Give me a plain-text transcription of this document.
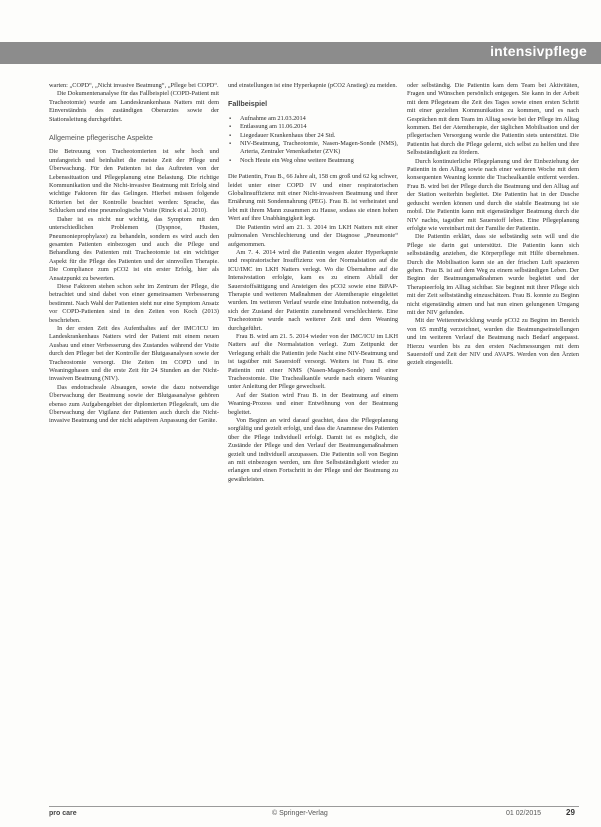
intensivpflege

warten: „COPD“, „Nicht invasive Beatmung“, „Pflege bei COPD“.

Die Dokumentenanalyse für das Fallbeispiel (COPD-Patient mit Tracheotomie) wurde am Landeskrankenhaus Natters mit dem Einverständnis des zuständigen Oberarztes sowie der Stationsleitung durchgeführt.

Allgemeine pflegerische Aspekte

Die Betreuung von Tracheotomierten ist sehr hoch und umfangreich und beinhaltet die meiste Zeit der Pflege und Überwachung. Für den Patienten ist das Auftreten von der Lebenssituation und Pflegeplanung eine Belastung. Die richtige Kommunikation und die Nicht-invasive Beatmung mit Erfolg sind wichtige Faktoren für das Gelingen. Hierbei müssen folgende Kriterien bei der Kontrolle beachtet werden: Sprache, das Schlucken und eine pneumologische Visite (Rinck et al. 2010).

Daher ist es nicht nur wichtig, das Symptom mit den unterschiedlichen Problemen (Dyspnoe, Husten, Pneumonieprophylaxe) zu behandeln, sondern es wird auch den gesamten Patienten einbezogen und auch die Pflege und Behandlung des Patienten mit Tracheotomie ist ein wichtiger Aspekt für die Pflege des Patienten und der sinnvollen Therapie. Die Compliance zum pCO2 ist ein erster Erfolg, hier als Ansatzpunkt zu bewerten.

Diese Faktoren stehen schon sehr im Zentrum der Pflege, die betrachtet und sind dabei von einer gemeinsamen Verbesserung bestimmt. Nach Wahl der Patienten steht nur eine Symptom Ansatz vor COPD-Patienten sind in den Zeiten von Koch (2013) beschrieben.

In der ersten Zeit des Aufenthaltes auf der IMC/ICU im Landeskrankenhaus Natters wird der Patient mit einem neuen Ausbau und einer Verbesserung des Zustandes während der Visite durch den Pfleger bei der Kontrolle der Blutgasanalysen sowie der Tracheostomie versorgt. Die Zeiten im COPD und in Weaningphasen und die erste Zeit für 24 Stunden an der Nicht-invasiven Beatmung (NIV).

Das endotracheale Absaugen, sowie die dazu notwendige Überwachung der Beatmung sowie der Blutgasanalyse gehören ebenso zum Aufgabengebiet der diplomierten Pflegekraft, um die Überwachung der Vigilanz der Patienten auch durch die Nicht-invasive Beatmung und der nicht adaptiven Anpassung der Geräte.

und einstellungen ist eine Hyperkapnie (pCO2 Anstieg) zu meiden.

Fallbeispiel
▪ Aufnahme am 21.03.2014
▪ Entlassung am 11.06.2014
▪ Liegedauer Krankenhaus über 24 Std.
▪ NIV-Beatmung, Tracheotomie, Nasen-Magen-Sonde (NMS), Arteria, Zentraler Venenkatheter (ZVK)
▪ Noch Heute ein Weg ohne weitere Beatmung

Die Patientin, Frau B., 66 Jahre alt, 158 cm groß und 62 kg schwer, leidet unter einer COPD IV und einer respiratorischen Globalinsuffizienz mit einer Nicht-invasiven Beatmung und ihrer Ernährung mit Sondennahrung (PEG). Frau B. ist verheiratet und lebt mit ihrem Mann zusammen zu Hause, sodass sie einen hohen Wert auf ihre Unabhängigkeit legt.

Die Patientin wird am 21. 3. 2014 im LKH Natters mit einer pulmonalen Verschlechterung und der Diagnose „Pneumonie“ aufgenommen.

Am 7. 4. 2014 wird die Patientin wegen akuter Hyperkapnie und respiratorischer Insuffizienz von der Normalstation auf die ICU/IMC im LKH Natters verlegt. Wo die Übernahme auf die Intensivstation erfolgte, kam es zu einem Abfall der Sauerstoffsättigung und Ansteigen des pCO2 sowie eine BiPAP-Therapie und weiteren Maßnahmen der Atemtherapie eingeleitet wurden. Im weiteren Verlauf wurde eine Intubation notwendig, da sich der Zustand der Patientin zunehmend verschlechterte. Eine Tracheotomie wurde nach weiterer Zeit und dem Weaning durchgeführt.

Frau B. wird am 21. 5. 2014 wieder von der IMC/ICU im LKH Natters auf die Normalstation verlegt. Zum Zeitpunkt der Verlegung erhält die Patientin jede Nacht eine NIV-Beatmung und ist tagsüber mit Sauerstoff versorgt. Weiters ist Frau B. eine Patientin mit einer NMS (Nasen-Magen-Sonde) und einer Tracheostomie. Die Trachealkanüle wurde nach einem Weaning unter Anleitung der Pflege gewechselt.

Auf der Station wird Frau B. in der Beatmung auf einem Weaning-Prozess und einer Entwöhnung von der Beatmung begleitet.

Von Beginn an wird darauf geachtet, dass die Pflegeplanung sorgfältig und gezielt erfolgt, und dass die Anamnese des Patienten über die Pflege individuell erfolgt. Damit ist es möglich, die Zustände der Pflege und den Verlauf der Beatmungsmaßnahmen gezielt und individuell anzupassen. Die Patientin soll von Beginn an mit einbezogen werden, um ihre Selbstständigkeit wieder zu erlangen und einen Fortschritt in der Pflege und der Beatmung zu gewährleisten.

oder selbständig. Die Patientin kam dem Team bei Aktivitäten, Fragen und Wünschen persönlich entgegen. Sie kann in der Arbeit mit dem Pflegeteam die Zeit des Tages sowie einen ersten Schritt mit einer gezielten Kommunikation zu kommen, und es nach Gesprächen mit dem Team im Alltag sowie bei der Pflege im Alltag kommen. Bei der Atemtherapie, der täglichen Mobilisation und der pflegerischen Versorgung wurde die Patientin stets unterstützt. Die Patientin hat durch die Pflege gelernt, sich selbst zu helfen und ihre Selbstständigkeit zu fördern.

Durch kontinuierliche Pflegeplanung und der Einbeziehung der Patientin in den Alltag sowie nach einer weiteren Woche mit dem konsequenten Weaning konnte die Trachealkanüle entfernt werden. Frau B. wird bei der Pflege durch die Beatmung und den Alltag auf der Station weiterhin begleitet. Die Patientin hat in der Dusche geduscht werden können und durch die stabile Beatmung ist sie mobil. Die Patientin kann mit eigenständiger Beatmung durch die NIV nachts, tagsüber mit Sauerstoff leben. Eine Pflegeplanung erfolgte wie vereinbart mit der Familie der Patientin.

Die Patientin erklärt, dass sie selbständig sein will und die Pflege sie darin gut unterstützt. Die Patientin kann sich selbstständig anziehen, die Körperpflege mit Hilfe übernehmen. Durch die Mobilisation kann sie an der frischen Luft spazieren gehen. Frau B. ist auf dem Weg zu einem selbständigen Leben. Der Beginn der Beatmungsmaßnahmen wurde begleitet und der Therapieerfolg im Alltag sichtbar. Sie beginnt mit ihrer Pflege sich mit der Zeit selbstständig einzuschätzen. Frau B. konnte zu Beginn nicht eigenständig atmen und hat nun einen gelungenen Umgang mit der NIV gefunden.

Mit der Weiterentwicklung wurde pCO2 zu Beginn im Bereich von 65 mmHg verzeichnet, wurden die Beatmungseinstellungen und im weiteren Verlauf die Beatmung nach Bedarf angepasst. Hierzu wurden bis zu den ersten Nachmessungen mit dem Sauerstoff und Zeit der NIV und AVAPS. Werden von den Ärzten gezielt eingestellt.

pro care	© Springer-Verlag	01 02/2015	29
